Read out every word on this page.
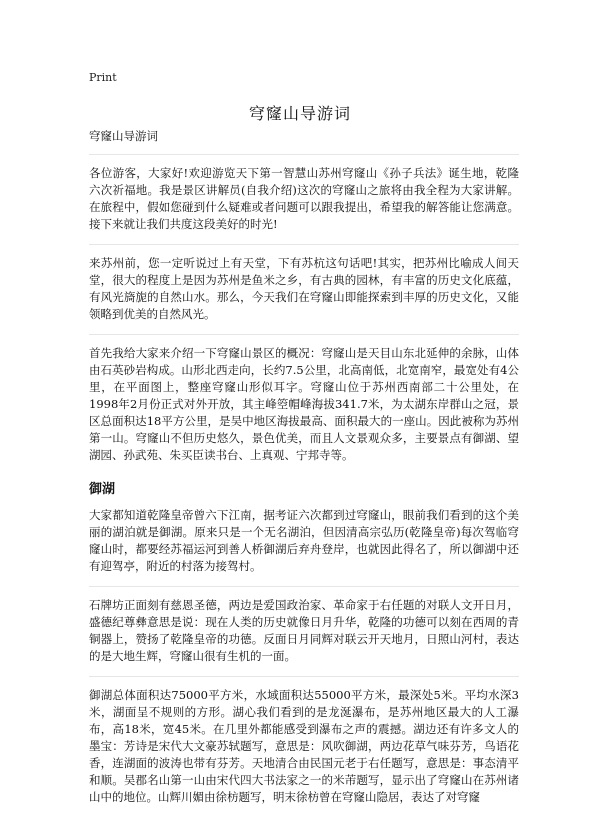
Print
穹窿山导游词

穹窿山导游词

各位游客，大家好!欢迎游览天下第一智慧山苏州穹窿山《孙子兵法》诞生地，乾隆六次祈福地。我是景区讲解员(自我介绍)这次的穹窿山之旅将由我全程为大家讲解。在旅程中，假如您碰到什么疑难或者问题可以跟我提出，希望我的解答能让您满意。接下来就让我们共度这段美好的时光!

来苏州前，您一定听说过上有天堂，下有苏杭这句话吧!其实，把苏州比喻成人间天堂，很大的程度上是因为苏州是鱼米之乡，有古典的园林，有丰富的历史文化底蕴，有风光旖旎的自然山水。那么，今天我们在穹窿山即能探索到丰厚的历史文化，又能领略到优美的自然风光。

首先我给大家来介绍一下穹窿山景区的概况：穹窿山是天目山东北延伸的余脉，山体由石英砂岩构成。山形北西走向，长约7.5公里，北高南低，北宽南窄，最宽处有4公里，在平面图上，整座穹窿山形似耳字。穹窿山位于苏州西南部二十公里处，在1998年2月份正式对外开放，其主峰箜帽峰海拔341.7米，为太湖东岸群山之冠，景区总面积达18平方公里，是吴中地区海拔最高、面积最大的一座山。因此被称为苏州第一山。穹窿山不但历史悠久，景色优美，而且人文景观众多，主要景点有御湖、望湖园、孙武苑、朱买臣读书台、上真观、宁邦寺等。

御湖

大家都知道乾隆皇帝曾六下江南，据考证六次都到过穹窿山，眼前我们看到的这个美丽的湖泊就是御湖。原来只是一个无名湖泊，但因清高宗弘历(乾隆皇帝)每次驾临穹窿山时，都要经苏福运河到善人桥御湖后弃舟登岸，也就因此得名了，所以御湖中还有迎驾亭，附近的村落为接驾村。

石牌坊正面刻有慈恩圣德，两边是爱国政治家、革命家于右任题的对联人文开日月，盛德纪尊彝意思是说：现在人类的历史就像日月升华，乾隆的功德可以刻在西周的青铜器上，赞扬了乾隆皇帝的功德。反面日月同辉对联云开天地月，日照山河村，表达的是大地生辉，穹窿山很有生机的一面。

御湖总体面积达75000平方米，水域面积达55000平方米，最深处5米。平均水深3米，湖面呈不规则的方形。湖心我们看到的是龙涎瀑布，是苏州地区最大的人工瀑布，高18米，宽45米。在几里外都能感受到瀑布之声的震撼。湖边还有许多文人的墨宝：芳诗是宋代大文豪苏轼题写，意思是：风吹御湖，两边花草气味芬芳，鸟语花香，连湖面的波涛也带有芬芳。天地清合由民国元老于右任题写，意思是：事态清平和顺。吴郡名山第一山由宋代四大书法家之一的米芾题写，显示出了穹窿山在苏州诸山中的地位。山辉川媚由徐枋题写，明末徐枋曾在穹窿山隐居，表达了对穹窿
